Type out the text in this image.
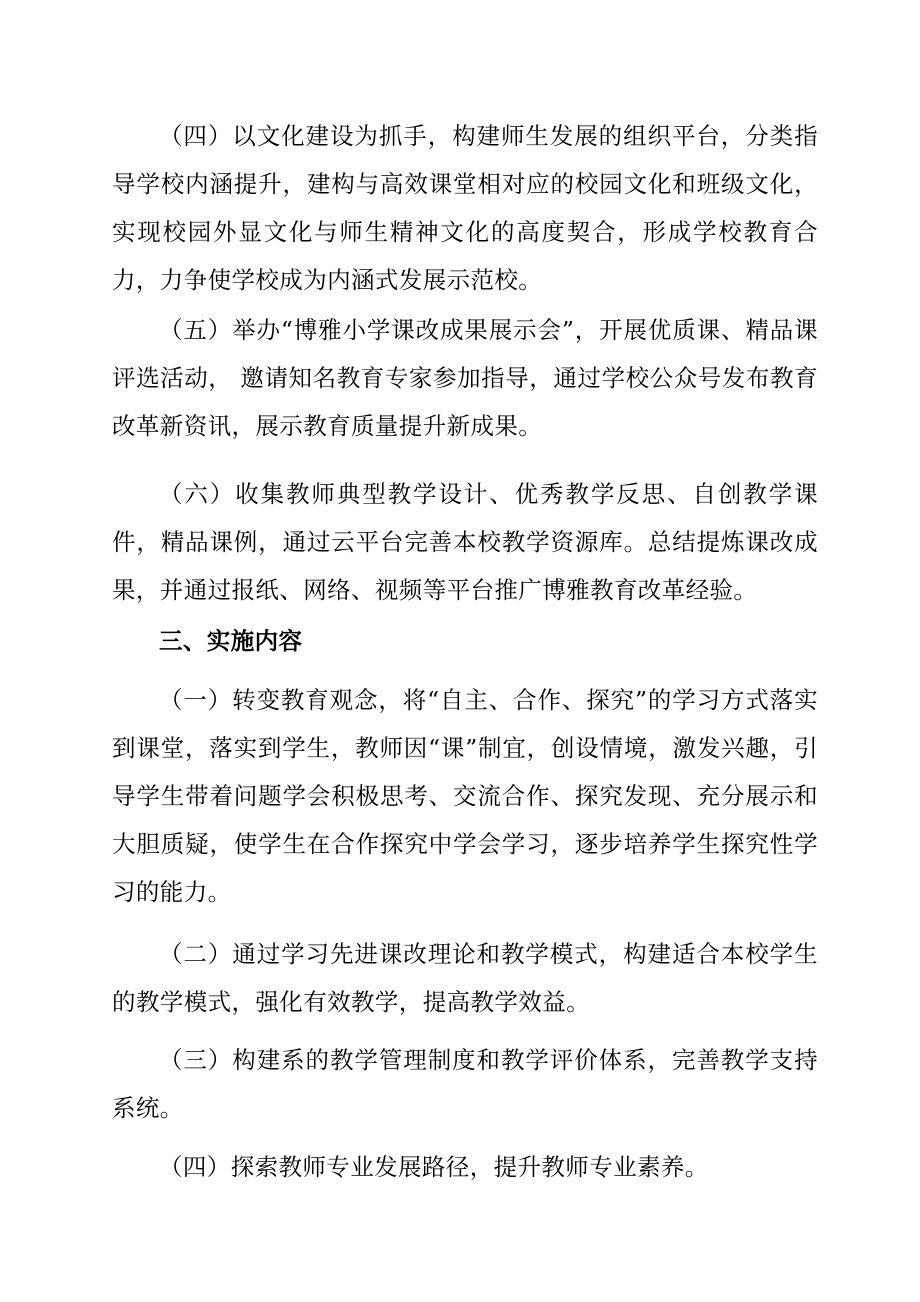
（四）以文化建设为抓手，构建师生发展的组织平台，分类指导学校内涵提升，建构与高效课堂相对应的校园文化和班级文化，实现校园外显文化与师生精神文化的高度契合，形成学校教育合力，力争使学校成为内涵式发展示范校。

（五）举办“博雅小学课改成果展示会”，开展优质课、精品课评选活动， 邀请知名教育专家参加指导，通过学校公众号发布教育改革新资讯，展示教育质量提升新成果。

（六）收集教师典型教学设计、优秀教学反思、自创教学课件，精品课例，通过云平台完善本校教学资源库。总结提炼课改成果，并通过报纸、网络、视频等平台推广博雅教育改革经验。

三、实施内容

（一）转变教育观念，将“自主、合作、探究”的学习方式落实到课堂，落实到学生，教师因“课”制宜，创设情境，激发兴趣，引导学生带着问题学会积极思考、交流合作、探究发现、充分展示和大胆质疑，使学生在合作探究中学会学习，逐步培养学生探究性学习的能力。

（二）通过学习先进课改理论和教学模式，构建适合本校学生的教学模式，强化有效教学，提高教学效益。

（三）构建系的教学管理制度和教学评价体系，完善教学支持系统。

（四）探索教师专业发展路径，提升教师专业素养。
